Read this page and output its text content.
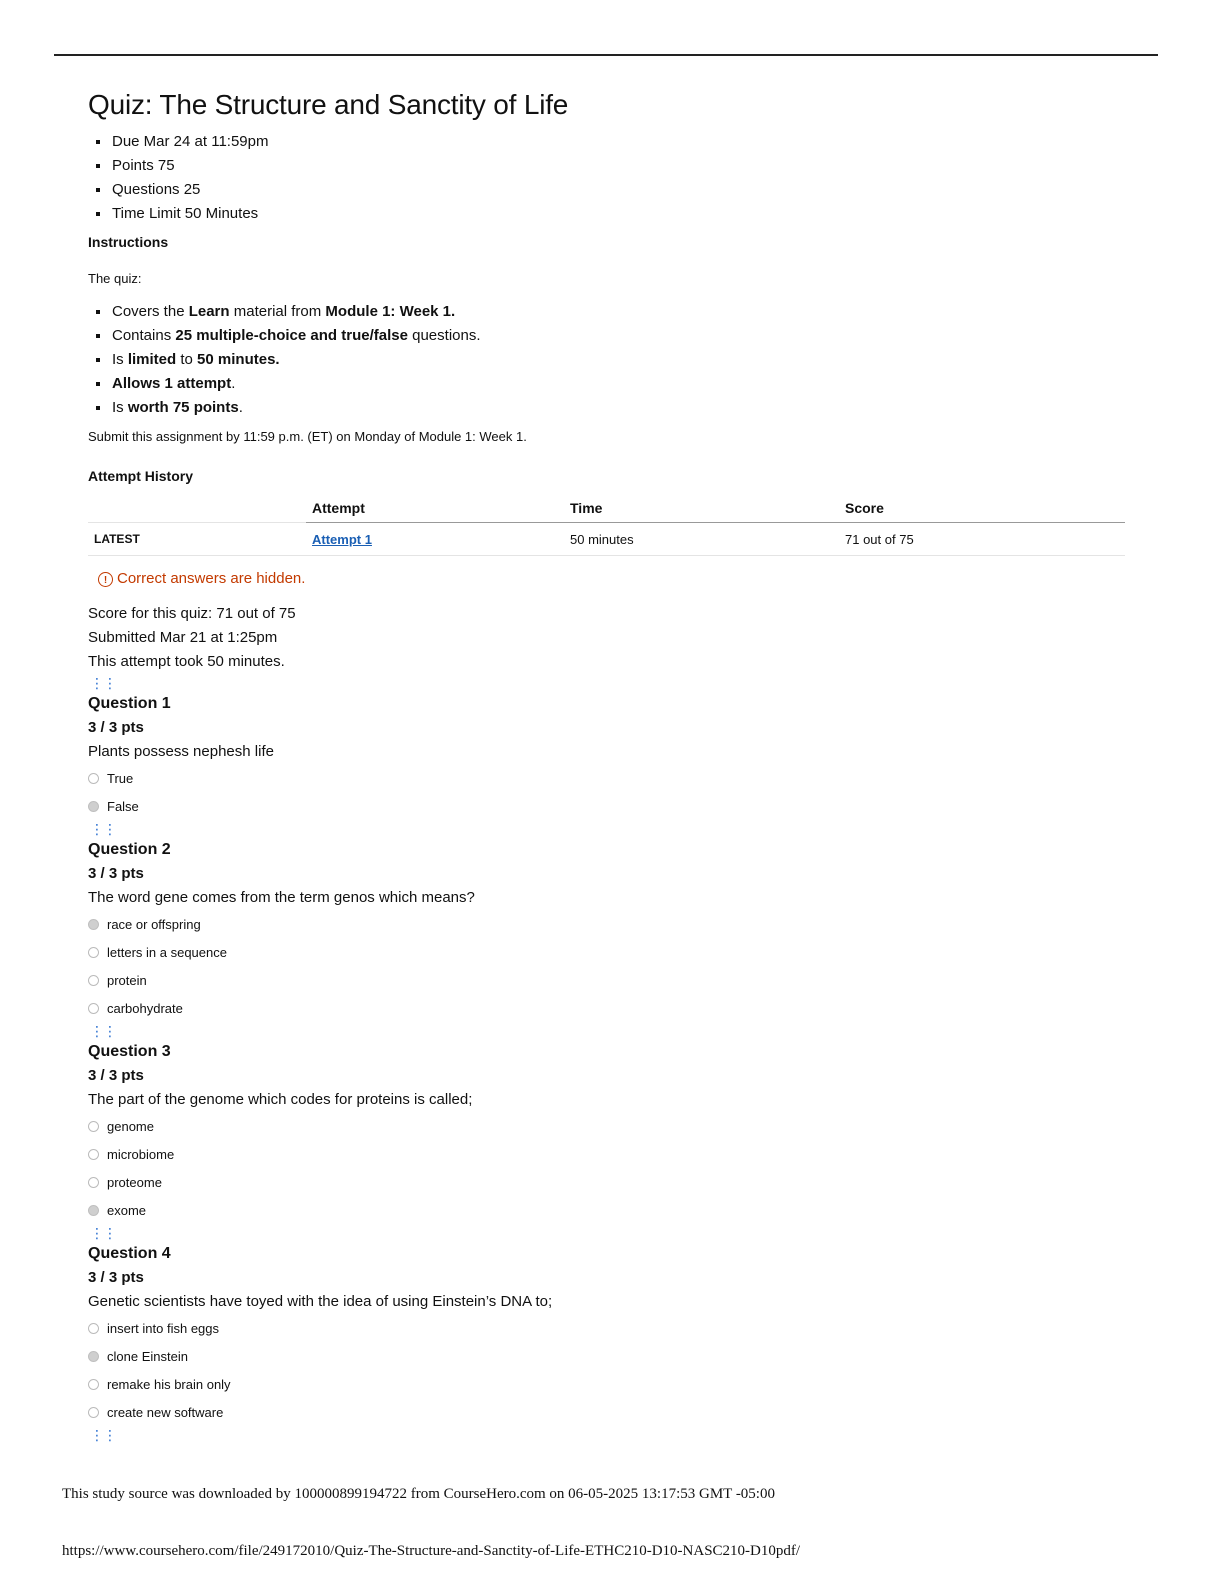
Quiz: The Structure and Sanctity of Life
Due Mar 24 at 11:59pm
Points 75
Questions 25
Time Limit 50 Minutes
Instructions
The quiz:
Covers the Learn material from Module 1: Week 1.
Contains 25 multiple-choice and true/false questions.
Is limited to 50 minutes.
Allows 1 attempt.
Is worth 75 points.
Submit this assignment by 11:59 p.m. (ET) on Monday of Module 1: Week 1.
Attempt History
	Attempt	Time	Score
LATEST	Attempt 1	50 minutes	71 out of 75
! Correct answers are hidden.
Score for this quiz: 71 out of 75
Submitted Mar 21 at 1:25pm
This attempt took 50 minutes.
⋮⋮
Question 1
3 / 3 pts
Plants possess nephesh life
True
False
⋮⋮
Question 2
3 / 3 pts
The word gene comes from the term genos which means?
race or offspring
letters in a sequence
protein
carbohydrate
⋮⋮
Question 3
3 / 3 pts
The part of the genome which codes for proteins is called;
genome
microbiome
proteome
exome
⋮⋮
Question 4
3 / 3 pts
Genetic scientists have toyed with the idea of using Einstein’s DNA to;
insert into fish eggs
clone Einstein
remake his brain only
create new software
⋮⋮
This study source was downloaded by 100000899194722 from CourseHero.com on 06-05-2025 13:17:53 GMT -05:00
https://www.coursehero.com/file/249172010/Quiz-The-Structure-and-Sanctity-of-Life-ETHC210-D10-NASC210-D10pdf/
